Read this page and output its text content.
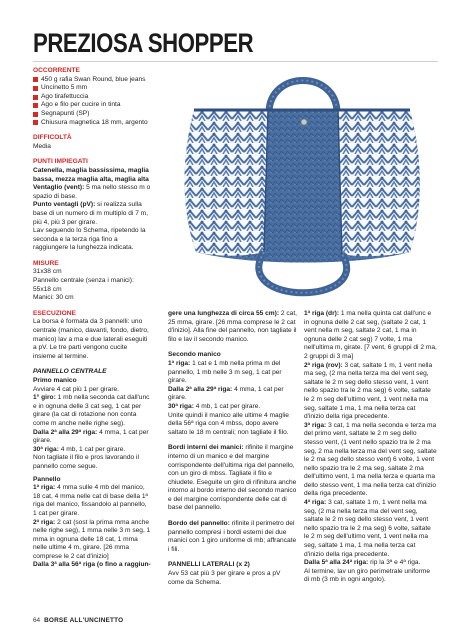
PREZIOSA SHOPPER

OCCORRENTE

450 g rafia Swan Round, blue jeans
Uncinetto 5 mm
Ago tirafettuccia
Ago e filo per cucire in tinta
Segnapunti (SP)
Chiusura magnetica 18 mm, argento

DIFFICOLTÀ

Media

PUNTI IMPIEGATI

Catenella, maglia bassissima, maglia bassa, mezza maglia alta, maglia alta

Ventaglio (vent): 5 ma nello stesso m o spazio di base.

Punto ventagli (pV): si realizza sulla base di un numero di m multiplo di 7 m, più 4, più 3 per girare.

Lav seguendo lo Schema, ripetendo la seconda e la terza riga fino a raggiungere la lunghezza indicata.

MISURE

31x38 cm

Pannello centrale (senza i manici): 55x18 cm

Manici: 30 cm

ESECUZIONE

La borsa è formata da 3 pannelli: uno centrale (manico, davanti, fondo, dietro, manico) lav a ma e due laterali eseguiti a pV. Le tre parti vengono cucite insieme al termine.

PANNELLO CENTRALE

Primo manico

Avviare 4 cat più 1 per girare.

1° giro: 1 mb nella seconda cat dall'unc e in ognuna delle 3 cat seg, 1 cat per girare (la cat di rotazione non conta come m anche nelle righe seg).

Dalla 2ª alla 29ª riga: 4 mma, 1 cat per girare.

30ª riga: 4 mb, 1 cat per girare.

Non tagliate il filo e pros lavorando il pannello come segue.

Pannello

1ª riga: 4 mma sulle 4 mb del manico, 18 cat, 4 mma nelle cat di base della 1ª riga del manico, fissandolo al pannello, 1 cat per girare.

2ª riga: 2 cat (sost la prima mma anche nelle righe seg), 1 mma nelle 3 m seg, 1 mma in ognuna delle 18 cat, 1 mma nelle ultime 4 m, girare. [26 mma comprese le 2 cat d'inizio]

Dalla 3ª alla 56ª riga (o fino a raggiun-

gere una lunghezza di circa 55 cm): 2 cat, 25 mma, girare. [26 mma comprese le 2 cat d'inizio]. Alla fine del pannello, non tagliate il filo e lav il secondo manico.

Secondo manico

1ª riga: 1 cat e 1 mb nella prima m del pannello, 1 mb nelle 3 m seg, 1 cat per girare.

Dalla 2ª alla 29ª riga: 4 mma, 1 cat per girare.

30ª riga: 4 mb, 1 cat per girare.

Unite quindi il manico alle ultime 4 maglie della 56ª riga con 4 mbss, dopo avere saltato le 18 m centrali; non tagliate il filo.

Bordi interni dei manici: rifinite il margine interno di un manico e del margine corrispondente dell'ultima riga del pannello, con un giro di mbss. Tagliate il filo e chiudete. Eseguite un giro di rifinitura anche intorno al bordo interno del secondo manico e del margine corrispondente delle cat di base del pannello.

Bordo del pannello: rifinite il perimetro del pannello compresi i bordi esterni dei due manici con 1 giro uniforme di mb; affrancate i fili.

PANNELLI LATERALI (x 2)

Avv 53 cat più 3 per girare e pros a pV come da Schema.

1ª riga (dr): 1 ma nella quinta cat dall'unc e in ognuna delle 2 cat seg, (saltate 2 cat, 1 vent nella m seg, saltate 2 cat, 1 ma in ognuna delle 2 cat seg) 7 volte, 1 ma nell'ultima m, girate. [7 vent, 6 gruppi di 2 ma, 2 gruppi di 3 ma]

2ª riga (rov): 3 cat, saltate 1 m, 1 vent nella ma seg, (2 ma nella terza ma del vent seg, saltate le 2 m seg dello stesso vent, 1 vent nello spazio tra le 2 ma seg) 6 volte, saltate le 2 m seg dell'ultimo vent, 1 vent nella ma seg, saltate 1 ma, 1 ma nella terza cat d'inizio della riga precedente.

3ª riga: 3 cat, 1 ma nella seconda e terza ma del primo vent, saltate le 2 m seg dello stesso vent, (1 vent nello spazio tra le 2 ma seg, 2 ma nella terza ma del vent seg, saltate le 2 ma seg dello stesso vent) 6 volte, 1 vent nello spazio tra le 2 ma seg, saltate 2 ma dell'ultimo vent, 1 ma nella terza e quarta ma dello stesso vent, 1 ma nella terza cat d'inizio della riga precedente.

4ª riga: 3 cat, saltate 1 m, 1 vent nella ma seg, (2 ma nella terza ma del vent seg, saltate le 2 m seg dello stesso vent, 1 vent nello spazio tra le 2 ma seg) 6 volte, saltate le 2 m seg dell'ultimo vent, 1 vent nella ma seg, saltate 1 ma, 1 ma nella terza cat d'inizio della riga precedente.

Dalla 5ª alla 24ª riga: rip la 3ª e 4ª riga.

Al termine, lav un giro perimetrale uniforme di mb (3 mb in ogni angolo).

64 BORSE ALL'UNCINETTO
